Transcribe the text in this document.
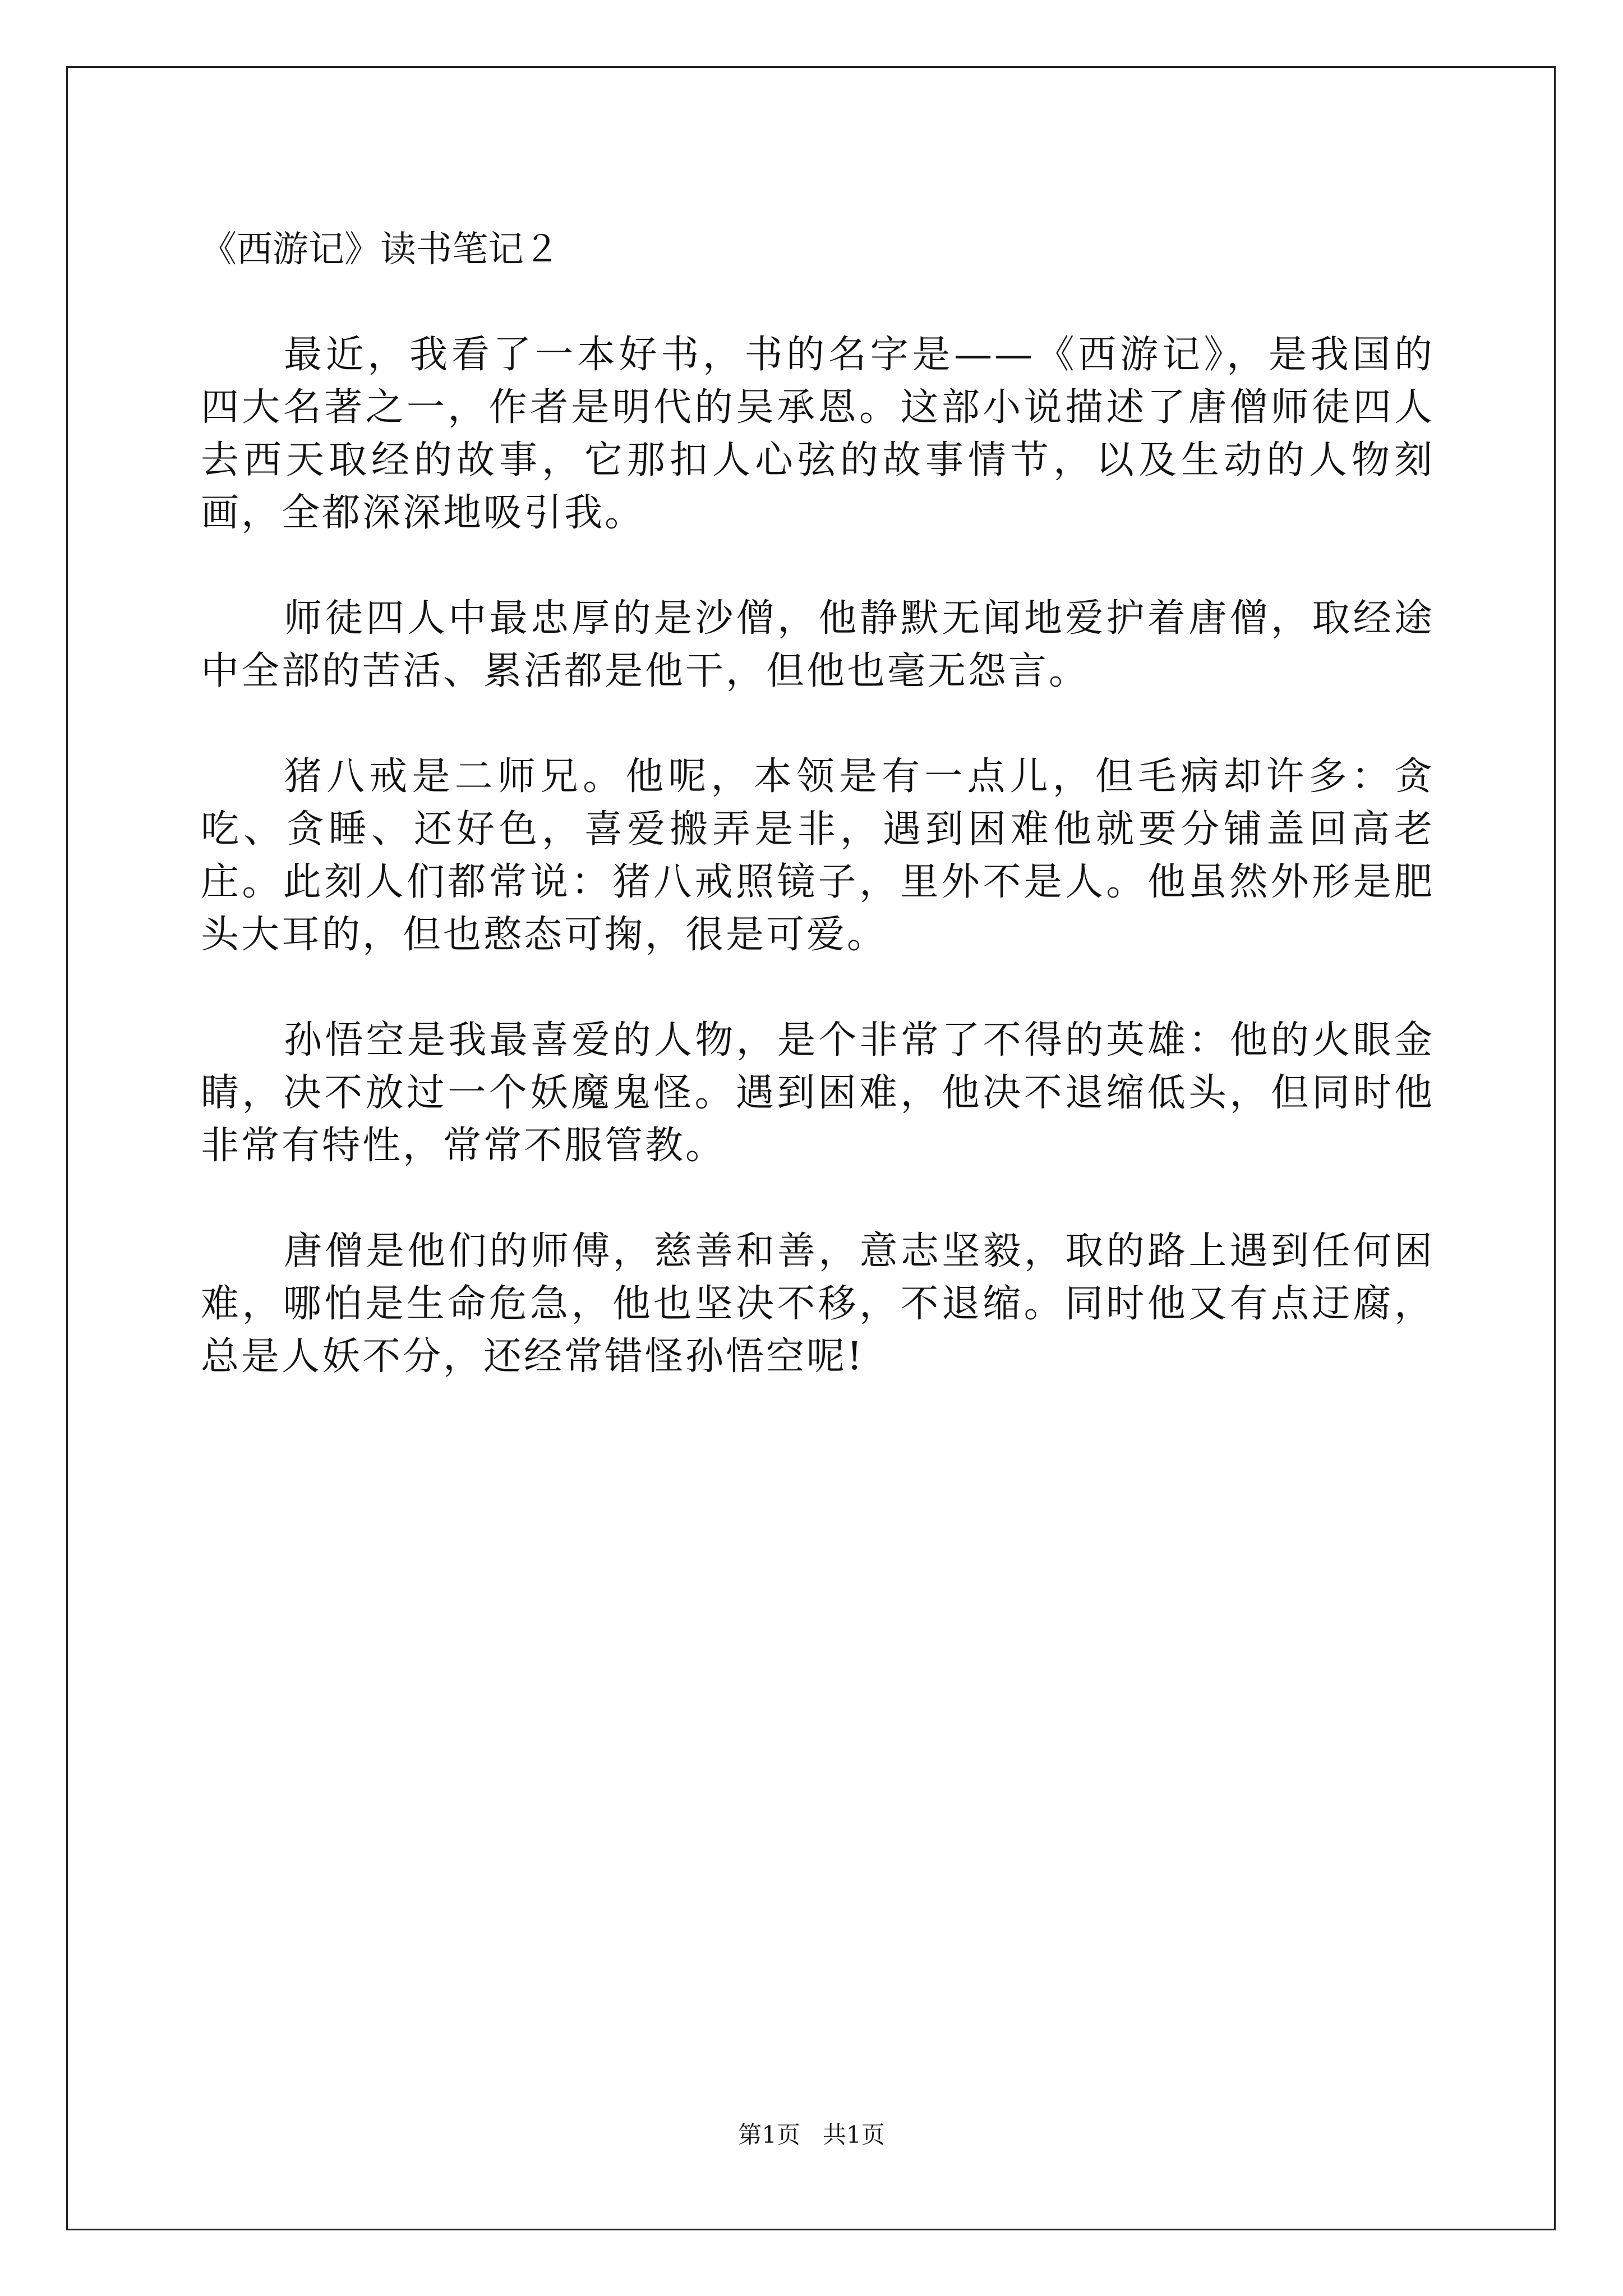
《西游记》读书笔记２

最近，我看了一本好书，书的名字是——《西游记》，是我国的四大名著之一，作者是明代的吴承恩。这部小说描述了唐僧师徒四人去西天取经的故事，它那扣人心弦的故事情节，以及生动的人物刻画，全都深深地吸引我。

师徒四人中最忠厚的是沙僧，他静默无闻地爱护着唐僧，取经途中全部的苦活、累活都是他干，但他也毫无怨言。

猪八戒是二师兄。他呢，本领是有一点儿，但毛病却许多：贪吃、贪睡、还好色，喜爱搬弄是非，遇到困难他就要分铺盖回高老庄。此刻人们都常说：猪八戒照镜子，里外不是人。他虽然外形是肥头大耳的，但也憨态可掬，很是可爱。

孙悟空是我最喜爱的人物，是个非常了不得的英雄：他的火眼金睛，决不放过一个妖魔鬼怪。遇到困难，他决不退缩低头，但同时他非常有特性，常常不服管教。

唐僧是他们的师傅，慈善和善，意志坚毅，取的路上遇到任何困难，哪怕是生命危急，他也坚决不移，不退缩。同时他又有点迂腐，总是人妖不分，还经常错怪孙悟空呢!

第1页   共1页
